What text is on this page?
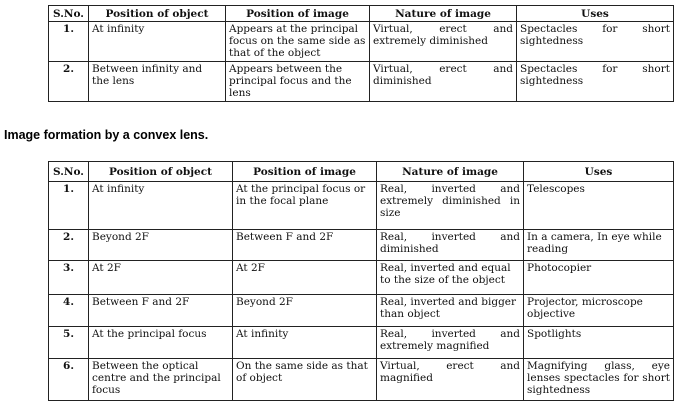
S.No.	Position of object	Position of image	Nature of image	Uses
1.	At infinity	Appears at the principal focus on the same side as that of the object	Virtual, erect and extremely diminished	Spectacles for short sightedness
2.	Between infinity and the lens	Appears between the principal focus and the lens	Virtual, erect and diminished	Spectacles for short sightedness
Image formation by a convex lens.
S.No.	Position of object	Position of image	Nature of image	Uses
1.	At infinity	At the principal focus or in the focal plane	Real, inverted and extremely diminished in size	Telescopes
2.	Beyond 2F	Between F and 2F	Real, inverted and diminished	In a camera, In eye while reading
3.	At 2F	At 2F	Real, inverted and equal to the size of the object	Photocopier
4.	Between F and 2F	Beyond 2F	Real, inverted and bigger than object	Projector, microscope objective
5.	At the principal focus	At infinity	Real, inverted and extremely magnified	Spotlights
6.	Between the optical centre and the principal focus	On the same side as that of object	Virtual, erect and magnified	Magnifying glass, eye lenses spectacles for short sightedness
